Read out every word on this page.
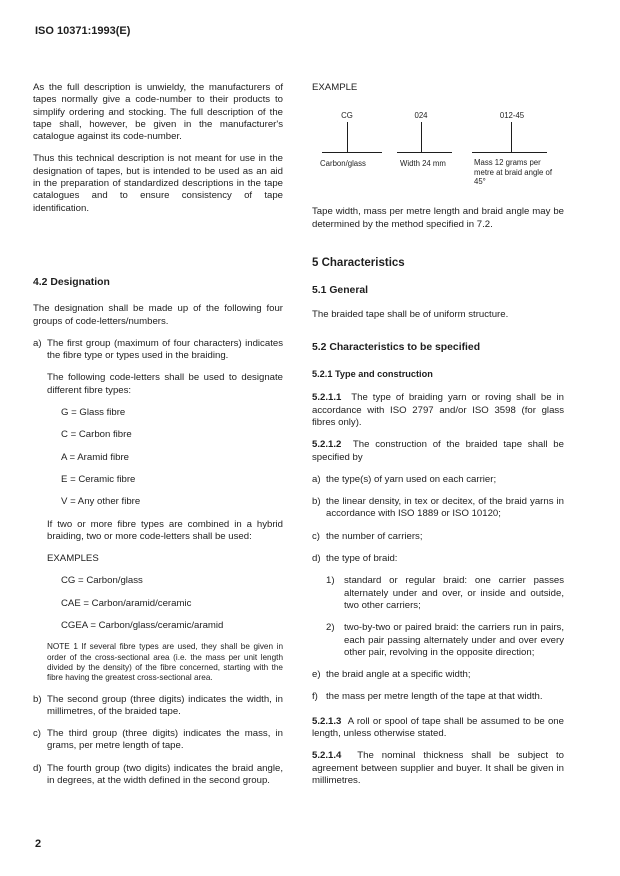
ISO 10371:1993(E)

As the full description is unwieldy, the manufacturers of tapes normally give a code-number to their products to simplify ordering and stocking. The full description of the tape shall, however, be given in the manufacturer's catalogue against its code-number.

Thus this technical description is not meant for use in the designation of tapes, but is intended to be used as an aid in the preparation of standardized descriptions in the tape catalogues and to ensure consistency of tape identification.

4.2 Designation

The designation shall be made up of the following four groups of code-letters/numbers.

a) The first group (maximum of four characters) indicates the fibre type or types used in the braiding.

The following code-letters shall be used to designate different fibre types:

G = Glass fibre
C = Carbon fibre
A = Aramid fibre
E = Ceramic fibre
V = Any other fibre

If two or more fibre types are combined in a hybrid braiding, two or more code-letters shall be used:

EXAMPLES

CG = Carbon/glass
CAE = Carbon/aramid/ceramic
CGEA = Carbon/glass/ceramic/aramid

NOTE 1 If several fibre types are used, they shall be given in order of the cross-sectional area (i.e. the mass per unit length divided by the density) of the fibre concerned, starting with the fibre having the greatest cross-sectional area.

b) The second group (three digits) indicates the width, in millimetres, of the braided tape.
c) The third group (three digits) indicates the mass, in grams, per metre length of tape.
d) The fourth group (two digits) indicates the braid angle, in degrees, at the width defined in the second group.

EXAMPLE

CG	024	012-45
Carbon/glass	Width 24 mm	Mass 12 grams per metre at braid angle of 45°

Tape width, mass per metre length and braid angle may be determined by the method specified in 7.2.

5 Characteristics

5.1 General

The braided tape shall be of uniform structure.

5.2 Characteristics to be specified

5.2.1 Type and construction

5.2.1.1 The type of braiding yarn or roving shall be in accordance with ISO 2797 and/or ISO 3598 (for glass fibres only).

5.2.1.2 The construction of the braided tape shall be specified by

a) the type(s) of yarn used on each carrier;
b) the linear density, in tex or decitex, of the braid yarns in accordance with ISO 1889 or ISO 10120;
c) the number of carriers;
d) the type of braid:
1) standard or regular braid: one carrier passes alternately under and over, or inside and outside, two other carriers;
2) two-by-two or paired braid: the carriers run in pairs, each pair passing alternately under and over every other pair, revolving in the opposite direction;
e) the braid angle at a specific width;
f) the mass per metre length of the tape at that width.

5.2.1.3 A roll or spool of tape shall be assumed to be one length, unless otherwise stated.

5.2.1.4 The nominal thickness shall be subject to agreement between supplier and buyer. It shall be given in millimetres.

2
